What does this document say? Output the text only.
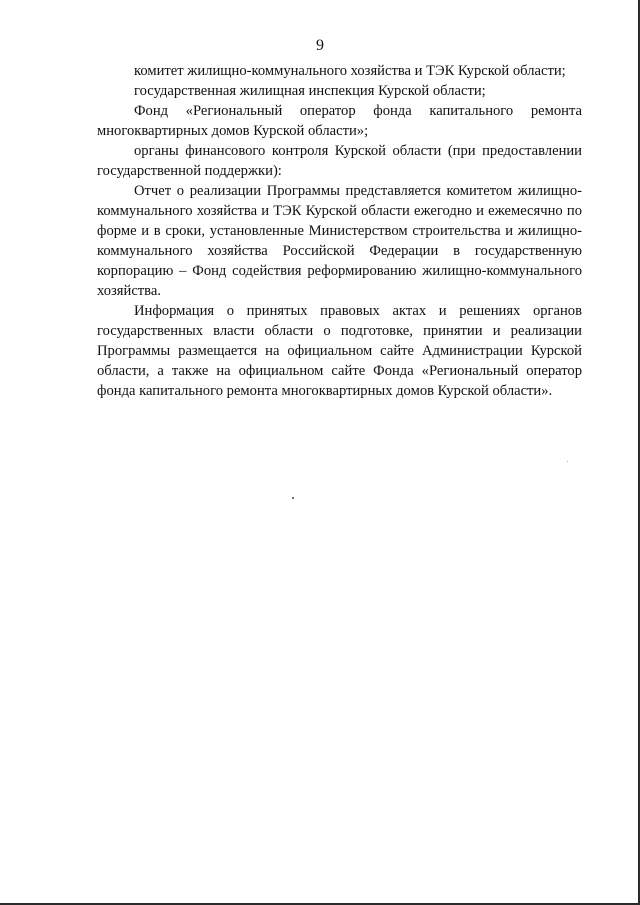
9

комитет жилищно-коммунального хозяйства и ТЭК Курской области;

государственная жилищная инспекция Курской области;

Фонд «Региональный оператор фонда капитального ремонта многоквартирных домов Курской области»;

органы финансового контроля Курской области (при предоставлении государственной поддержки):

Отчет о реализации Программы представляется комитетом жилищно-коммунального хозяйства и ТЭК Курской области ежегодно и ежемесячно по форме и в сроки, установленные Министерством строительства и жилищно-коммунального хозяйства Российской Федерации в государственную корпорацию – Фонд содействия реформированию жилищно-коммунального хозяйства.

Информация о принятых правовых актах и решениях органов государственных власти области о подготовке, принятии и реализации Программы размещается на официальном сайте Администрации Курской области, а также на официальном сайте Фонда «Региональный оператор фонда капитального ремонта многоквартирных домов Курской области».
